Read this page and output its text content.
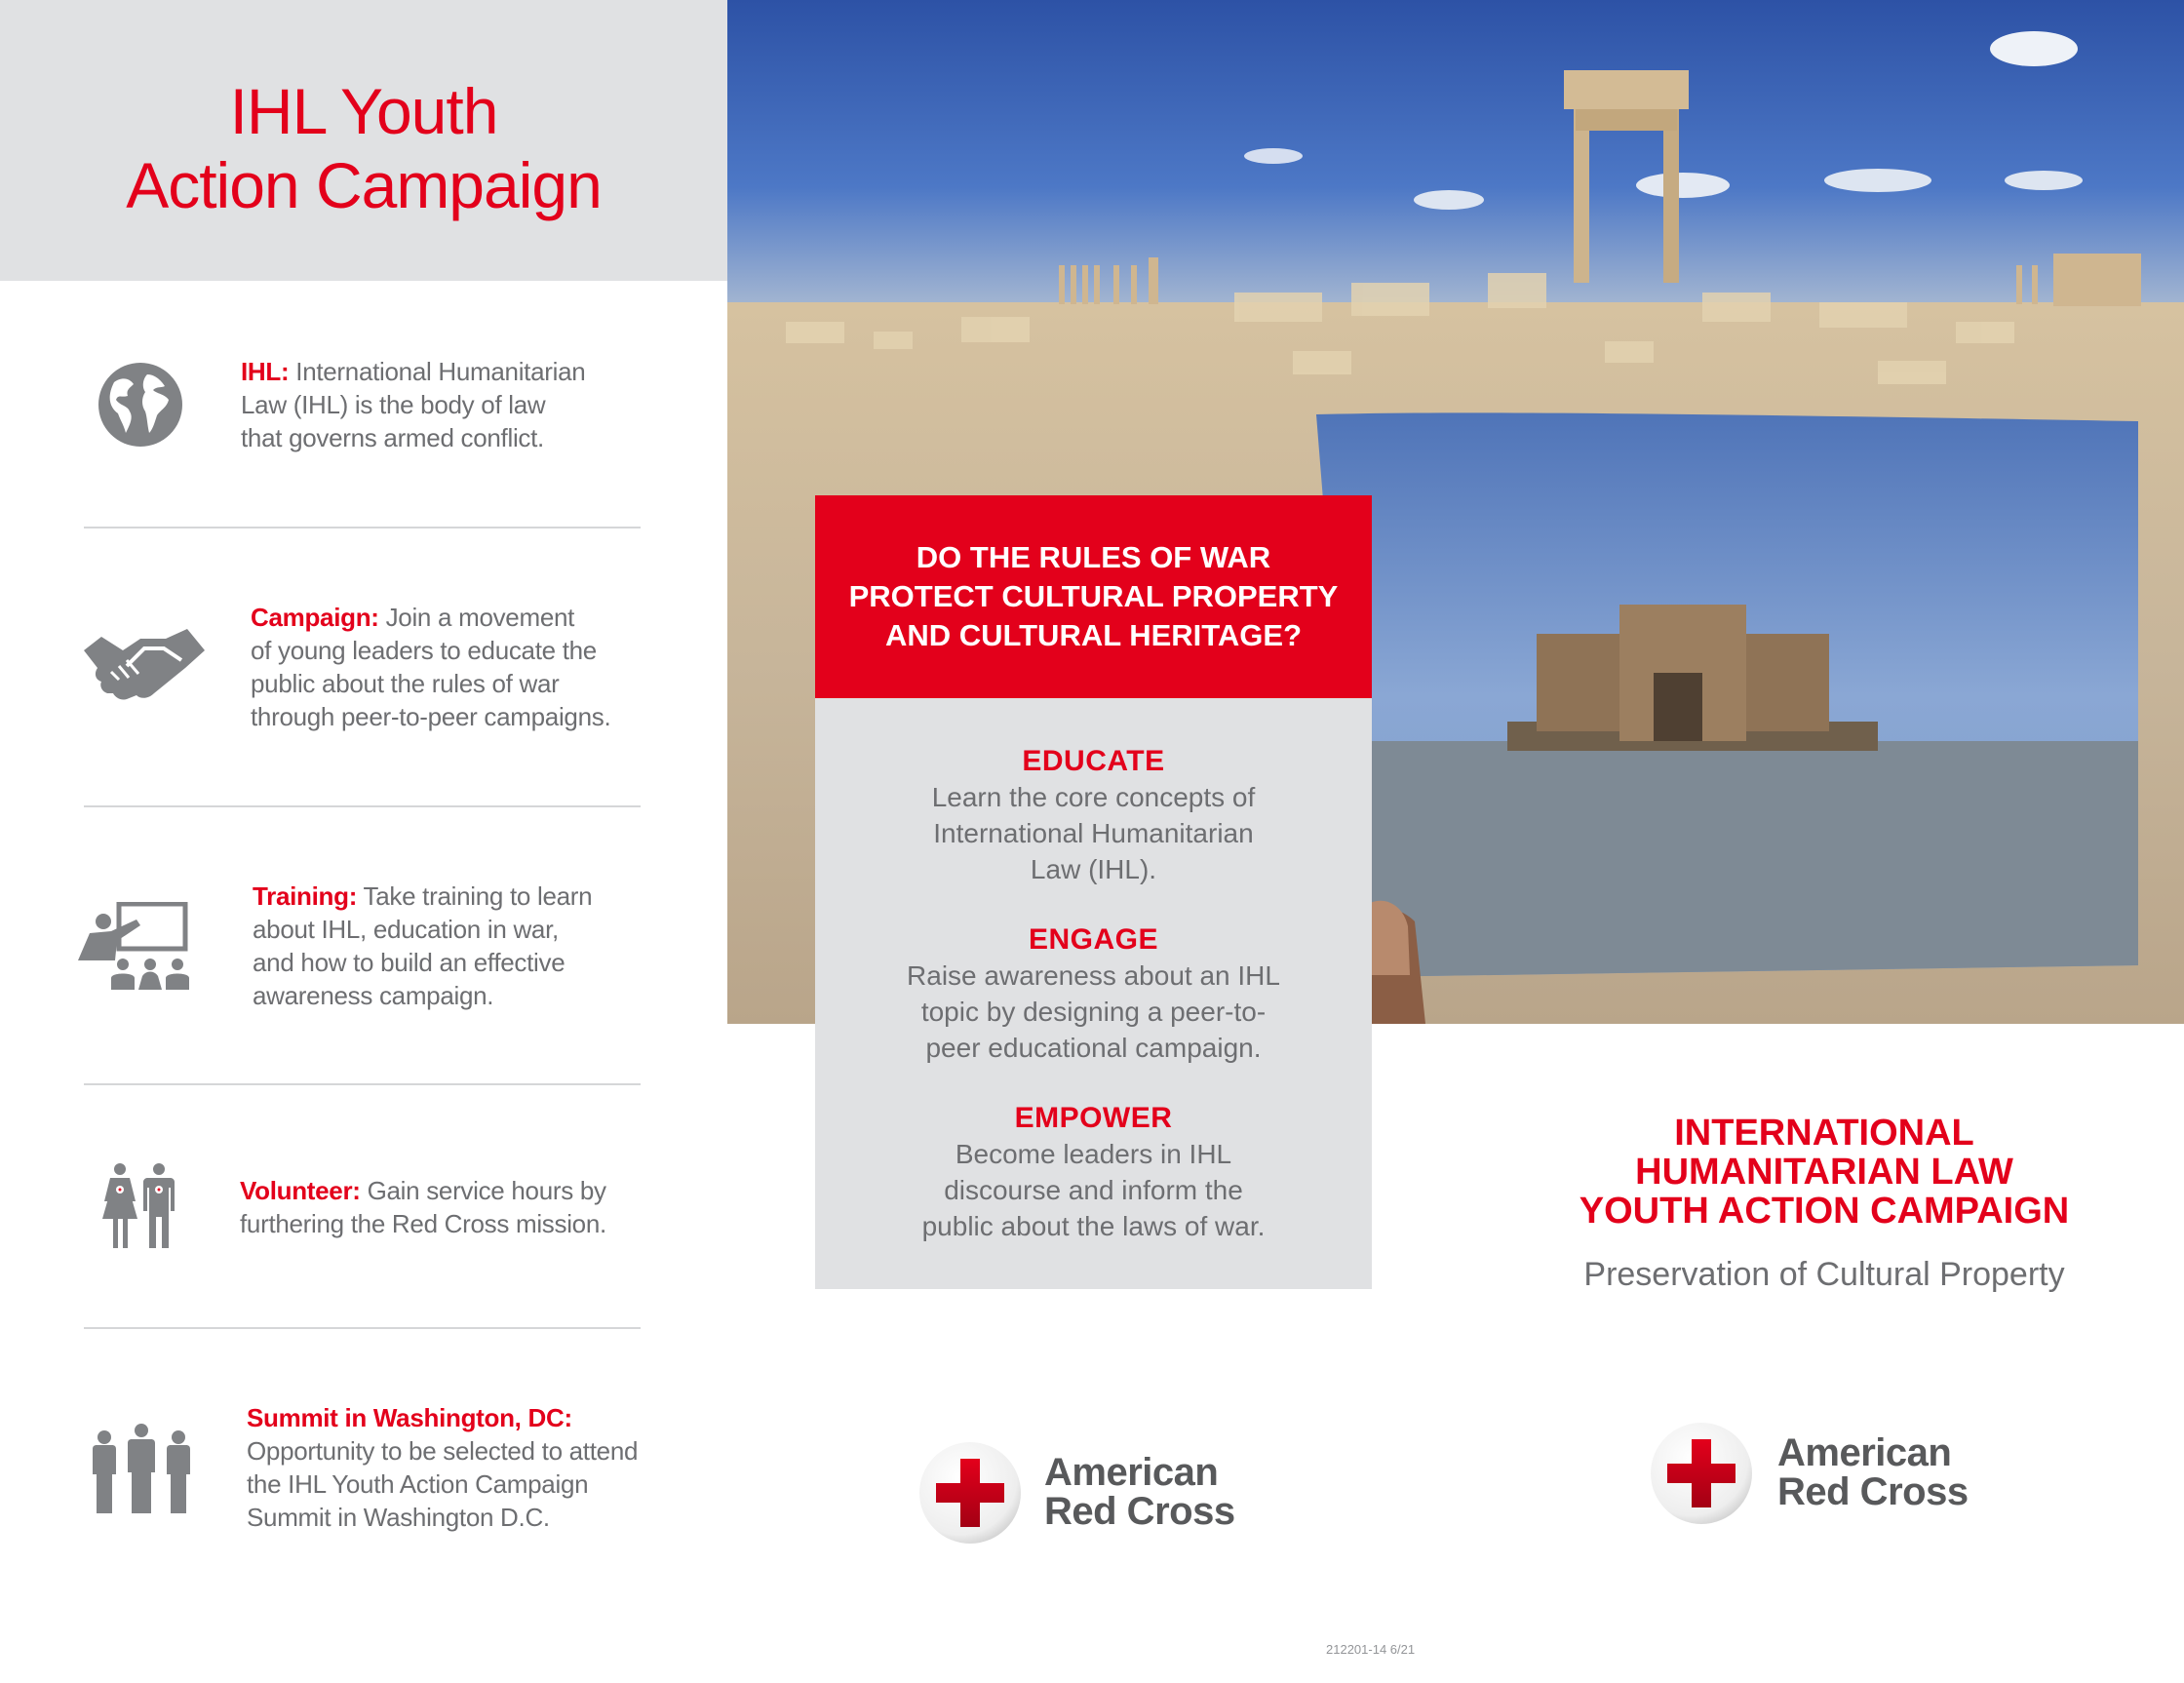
IHL Youth
Action Campaign
IHL: International Humanitarian
Law (IHL) is the body of law
that governs armed conflict.
Campaign: Join a movement
of young leaders to educate the
public about the rules of war
through peer-to-peer campaigns.
Training: Take training to learn
about IHL, education in war,
and how to build an effective
awareness campaign.
Volunteer: Gain service hours by
furthering the Red Cross mission.
Summit in Washington, DC:
Opportunity to be selected to attend
the IHL Youth Action Campaign
Summit in Washington D.C.
DO THE RULES OF WAR
PROTECT CULTURAL PROPERTY
AND CULTURAL HERITAGE?
EDUCATE
Learn the core concepts of
International Humanitarian
Law (IHL).
ENGAGE
Raise awareness about an IHL
topic by designing a peer-to-
peer educational campaign.
EMPOWER
Become leaders in IHL
discourse and inform the
public about the laws of war.
INTERNATIONAL
HUMANITARIAN LAW
YOUTH ACTION CAMPAIGN
Preservation of Cultural Property
American
Red Cross
American
Red Cross
212201-14 6/21
